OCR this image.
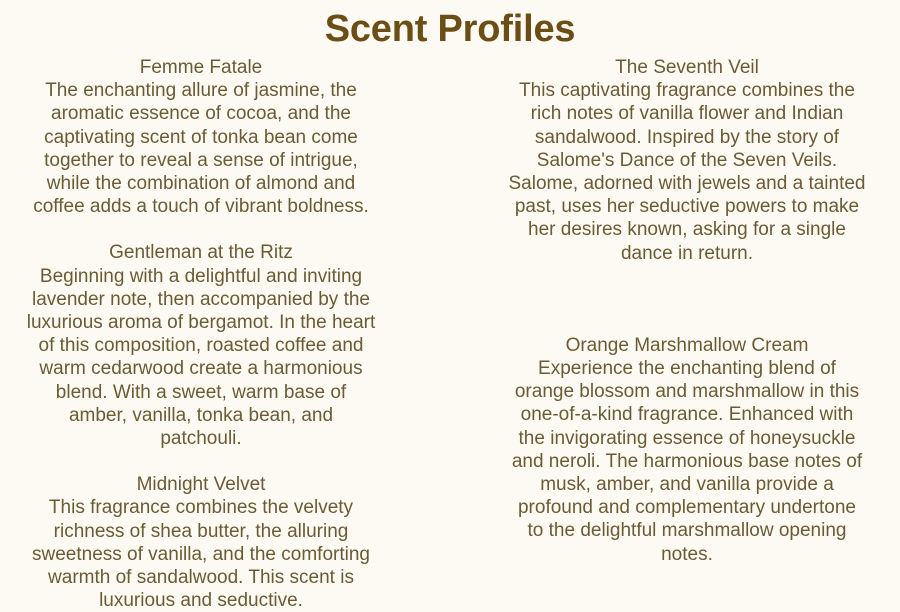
Scent Profiles
Femme Fatale
The enchanting allure of jasmine, the aromatic essence of cocoa, and the captivating scent of tonka bean come together to reveal a sense of intrigue, while the combination of almond and coffee adds a touch of vibrant boldness.
Gentleman at the Ritz
Beginning with a delightful and inviting lavender note, then accompanied by the luxurious aroma of bergamot. In the heart of this composition, roasted coffee and warm cedarwood create a harmonious blend. With a sweet, warm base of amber, vanilla, tonka bean, and patchouli.
Midnight Velvet
This fragrance combines the velvety richness of shea butter, the alluring sweetness of vanilla, and the comforting warmth of sandalwood. This scent is luxurious and seductive.
The Seventh Veil
This captivating fragrance combines the rich notes of vanilla flower and Indian sandalwood. Inspired by the story of Salome's Dance of the Seven Veils. Salome, adorned with jewels and a tainted past, uses her seductive powers to make her desires known, asking for a single dance in return.
Orange Marshmallow Cream
Experience the enchanting blend of orange blossom and marshmallow in this one-of-a-kind fragrance. Enhanced with the invigorating essence of honeysuckle and neroli. The harmonious base notes of musk, amber, and vanilla provide a profound and complementary undertone to the delightful marshmallow opening notes.
